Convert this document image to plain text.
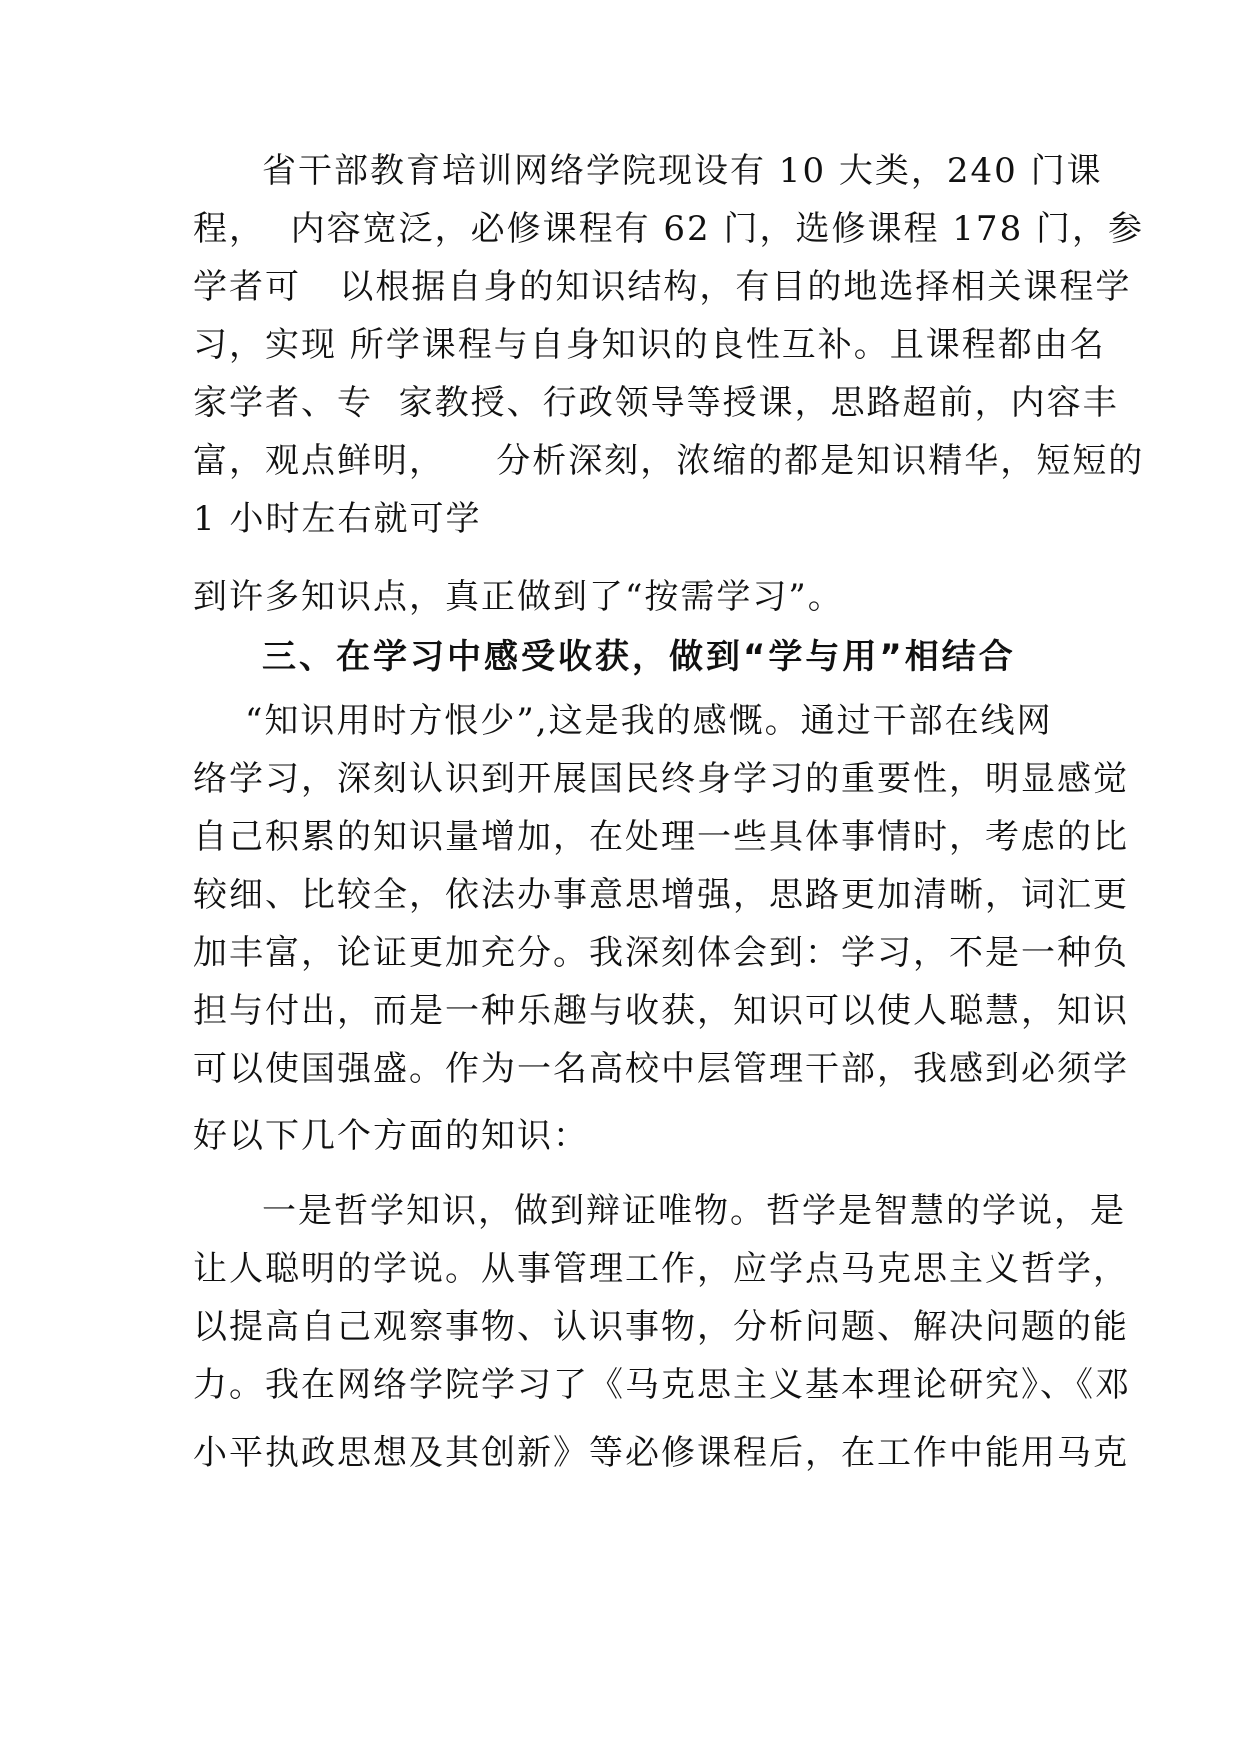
省干部教育培训网络学院现设有 10 大类，240 门课
程，  内容宽泛，必修课程有 62 门，选修课程 178 门，参
学者可   以根据自身的知识结构，有目的地选择相关课程学
习，实现 所学课程与自身知识的良性互补。且课程都由名
家学者、专  家教授、行政领导等授课，思路超前，内容丰
富，观点鲜明，    分析深刻，浓缩的都是知识精华，短短的
1 小时左右就可学
到许多知识点，真正做到了“按需学习”。
三、在学习中感受收获，做到“学与用”相结合
“知识用时方恨少”,这是我的感慨。通过干部在线网
络学习，深刻认识到开展国民终身学习的重要性，明显感觉
自己积累的知识量增加，在处理一些具体事情时，考虑的比
较细、比较全，依法办事意思增强，思路更加清晰，词汇更
加丰富，论证更加充分。我深刻体会到：学习，不是一种负
担与付出，而是一种乐趣与收获，知识可以使人聪慧，知识
可以使国强盛。作为一名高校中层管理干部，我感到必须学
好以下几个方面的知识：
一是哲学知识，做到辩证唯物。哲学是智慧的学说，是
让人聪明的学说。从事管理工作，应学点马克思主义哲学，
以提高自己观察事物、认识事物，分析问题、解决问题的能
力。我在网络学院学习了《马克思主义基本理论研究》、《邓
小平执政思想及其创新》等必修课程后，在工作中能用马克
